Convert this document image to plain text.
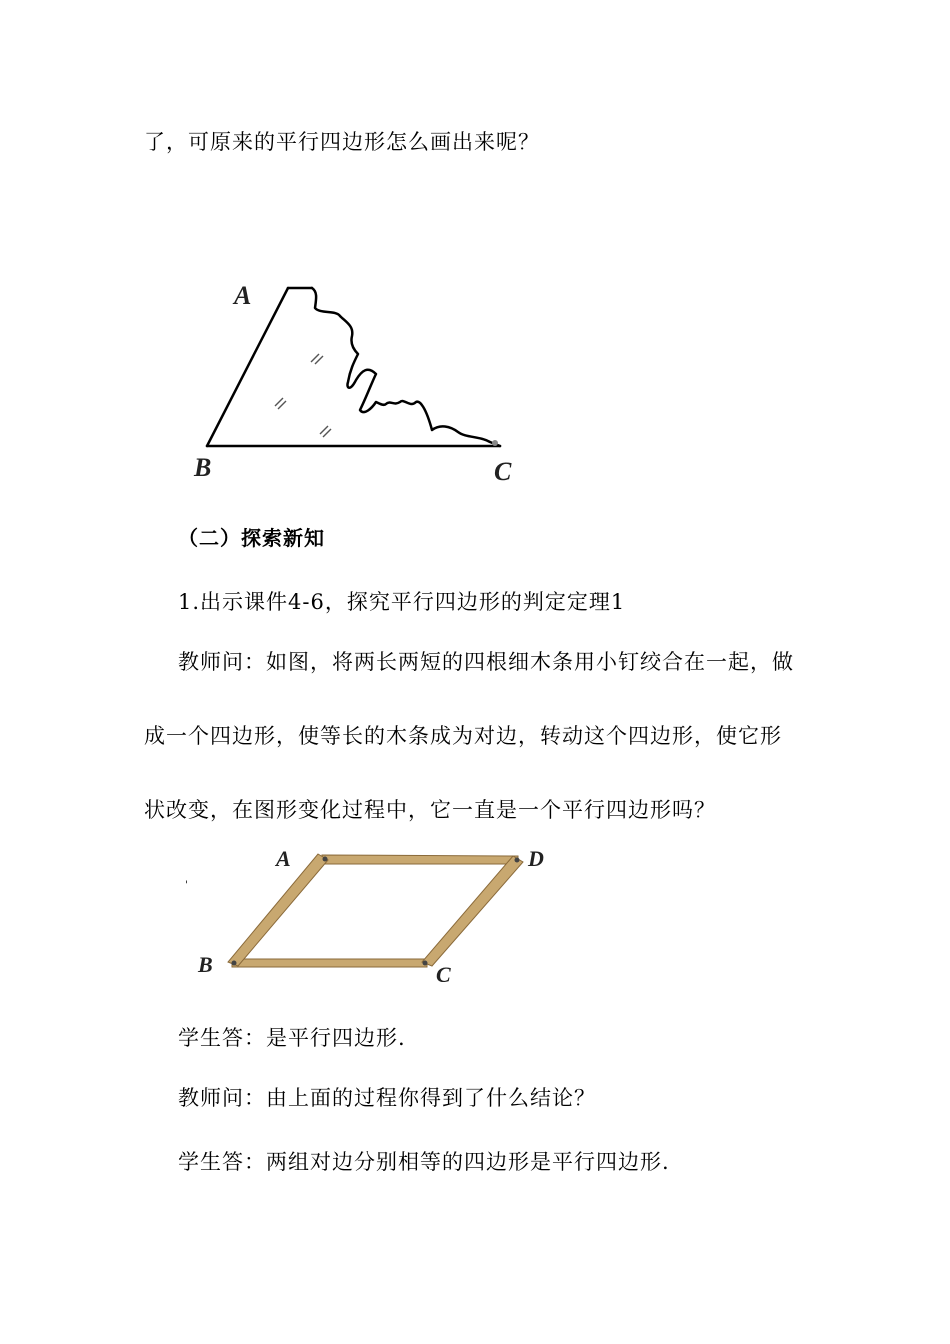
了，可原来的平行四边形怎么画出来呢？
A
B	C
（二）探索新知
1.出示课件4-6，探究平行四边形的判定定理1
教师问：如图，将两长两短的四根细木条用小钉绞合在一起，做
成一个四边形，使等长的木条成为对边，转动这个四边形，使它形
状改变，在图形变化过程中，它一直是一个平行四边形吗？
'
A	D
B	C
学生答：是平行四边形.
教师问：由上面的过程你得到了什么结论？
学生答：两组对边分别相等的四边形是平行四边形.
